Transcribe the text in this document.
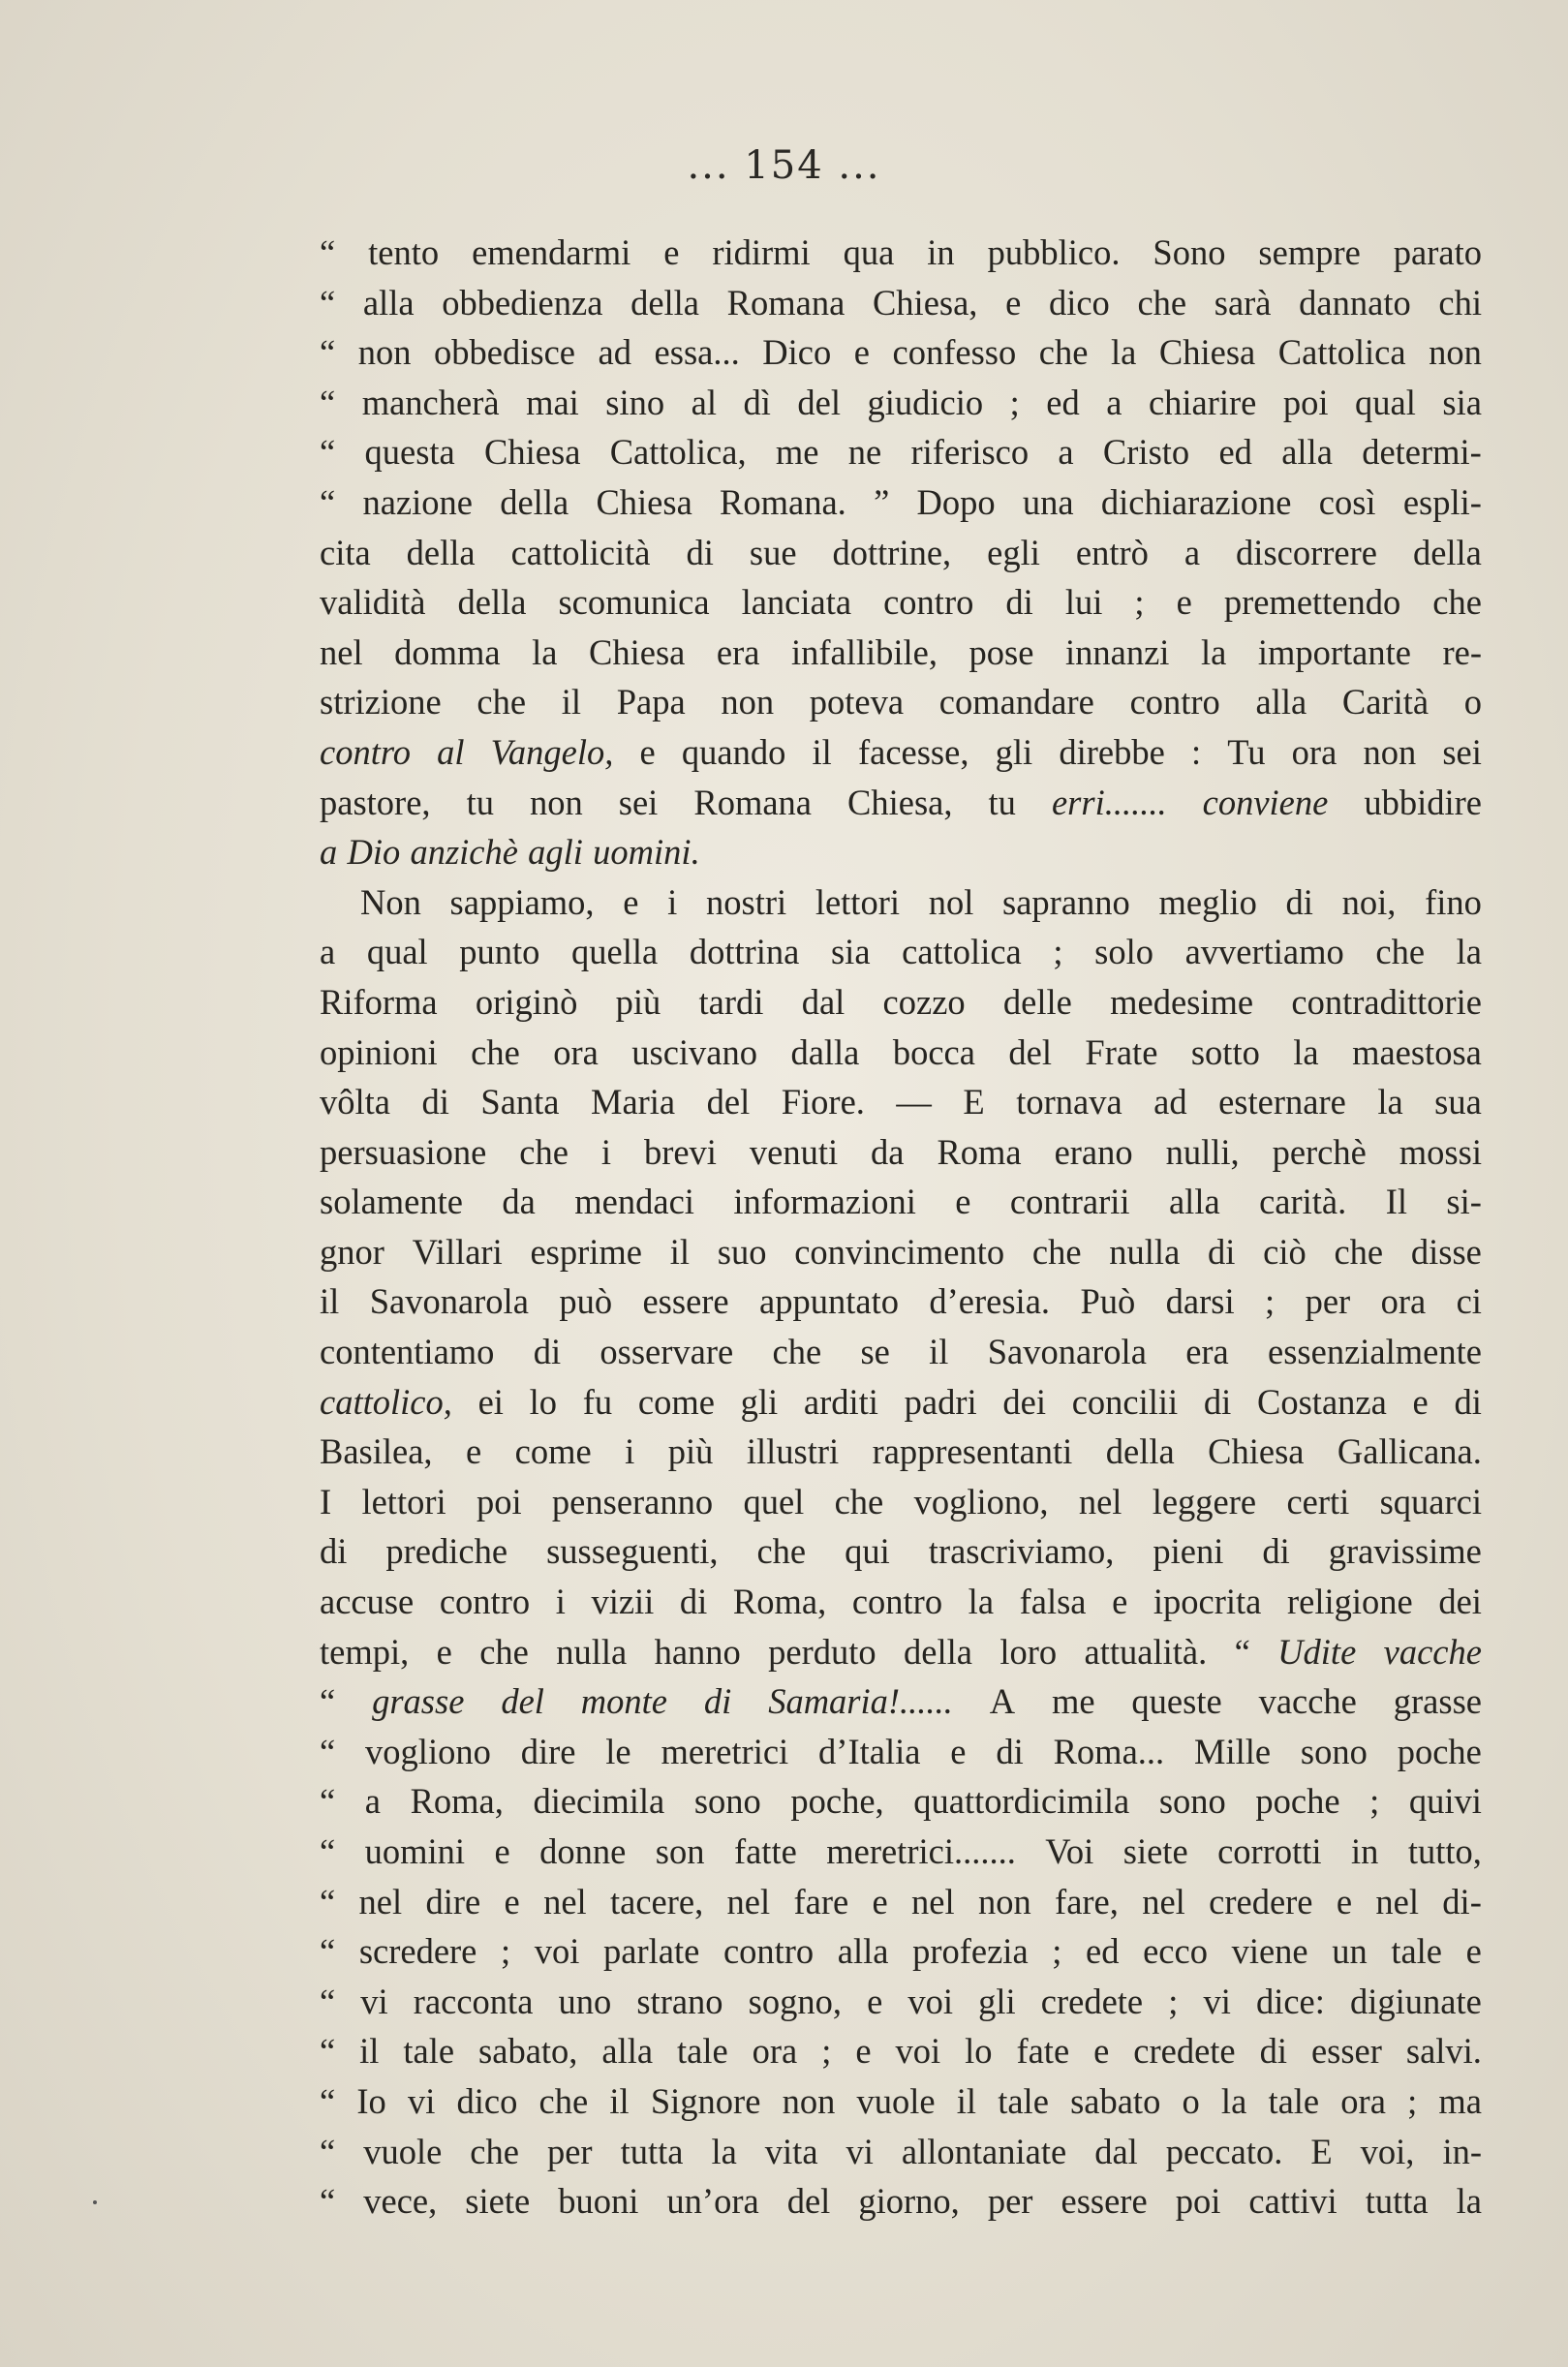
... 154 ...
“ tento emendarmi e ridirmi qua in pubblico. Sono sempre parato
“ alla obbedienza della Romana Chiesa, e dico che sarà dannato chi
“ non obbedisce ad essa... Dico e confesso che la Chiesa Cattolica non
“ mancherà mai sino al dì del giudicio ; ed a chiarire poi qual sia
“ questa Chiesa Cattolica, me ne riferisco a Cristo ed alla determi-
“ nazione della Chiesa Romana. ” Dopo una dichiarazione così espli-
cita della cattolicità di sue dottrine, egli entrò a discorrere della
validità della scomunica lanciata contro di lui ; e premettendo che
nel domma la Chiesa era infallibile, pose innanzi la importante re-
strizione che il Papa non poteva comandare contro alla Carità o
contro al Vangelo, e quando il facesse, gli direbbe : Tu ora non sei
pastore, tu non sei Romana Chiesa, tu erri....... conviene ubbidire
a Dio anzichè agli uomini.
Non sappiamo, e i nostri lettori nol sapranno meglio di noi, fino
a qual punto quella dottrina sia cattolica ; solo avvertiamo che la
Riforma originò più tardi dal cozzo delle medesime contradittorie
opinioni che ora uscivano dalla bocca del Frate sotto la maestosa
vôlta di Santa Maria del Fiore. — E tornava ad esternare la sua
persuasione che i brevi venuti da Roma erano nulli, perchè mossi
solamente da mendaci informazioni e contrarii alla carità. Il si-
gnor Villari esprime il suo convincimento che nulla di ciò che disse
il Savonarola può essere appuntato d’eresia. Può darsi ; per ora ci
contentiamo di osservare che se il Savonarola era essenzialmente
cattolico, ei lo fu come gli arditi padri dei concilii di Costanza e di
Basilea, e come i più illustri rappresentanti della Chiesa Gallicana.
I lettori poi penseranno quel che vogliono, nel leggere certi squarci
di prediche susseguenti, che qui trascriviamo, pieni di gravissime
accuse contro i vizii di Roma, contro la falsa e ipocrita religione dei
tempi, e che nulla hanno perduto della loro attualità. “ Udite vacche
“ grasse del monte di Samaria!...... A me queste vacche grasse
“ vogliono dire le meretrici d’Italia e di Roma... Mille sono poche
“ a Roma, diecimila sono poche, quattordicimila sono poche ; quivi
“ uomini e donne son fatte meretrici....... Voi siete corrotti in tutto,
“ nel dire e nel tacere, nel fare e nel non fare, nel credere e nel di-
“ scredere ; voi parlate contro alla profezia ; ed ecco viene un tale e
“ vi racconta uno strano sogno, e voi gli credete ; vi dice: digiunate
“ il tale sabato, alla tale ora ; e voi lo fate e credete di esser salvi.
“ Io vi dico che il Signore non vuole il tale sabato o la tale ora ; ma
“ vuole che per tutta la vita vi allontaniate dal peccato. E voi, in-
“ vece, siete buoni un’ora del giorno, per essere poi cattivi tutta la
